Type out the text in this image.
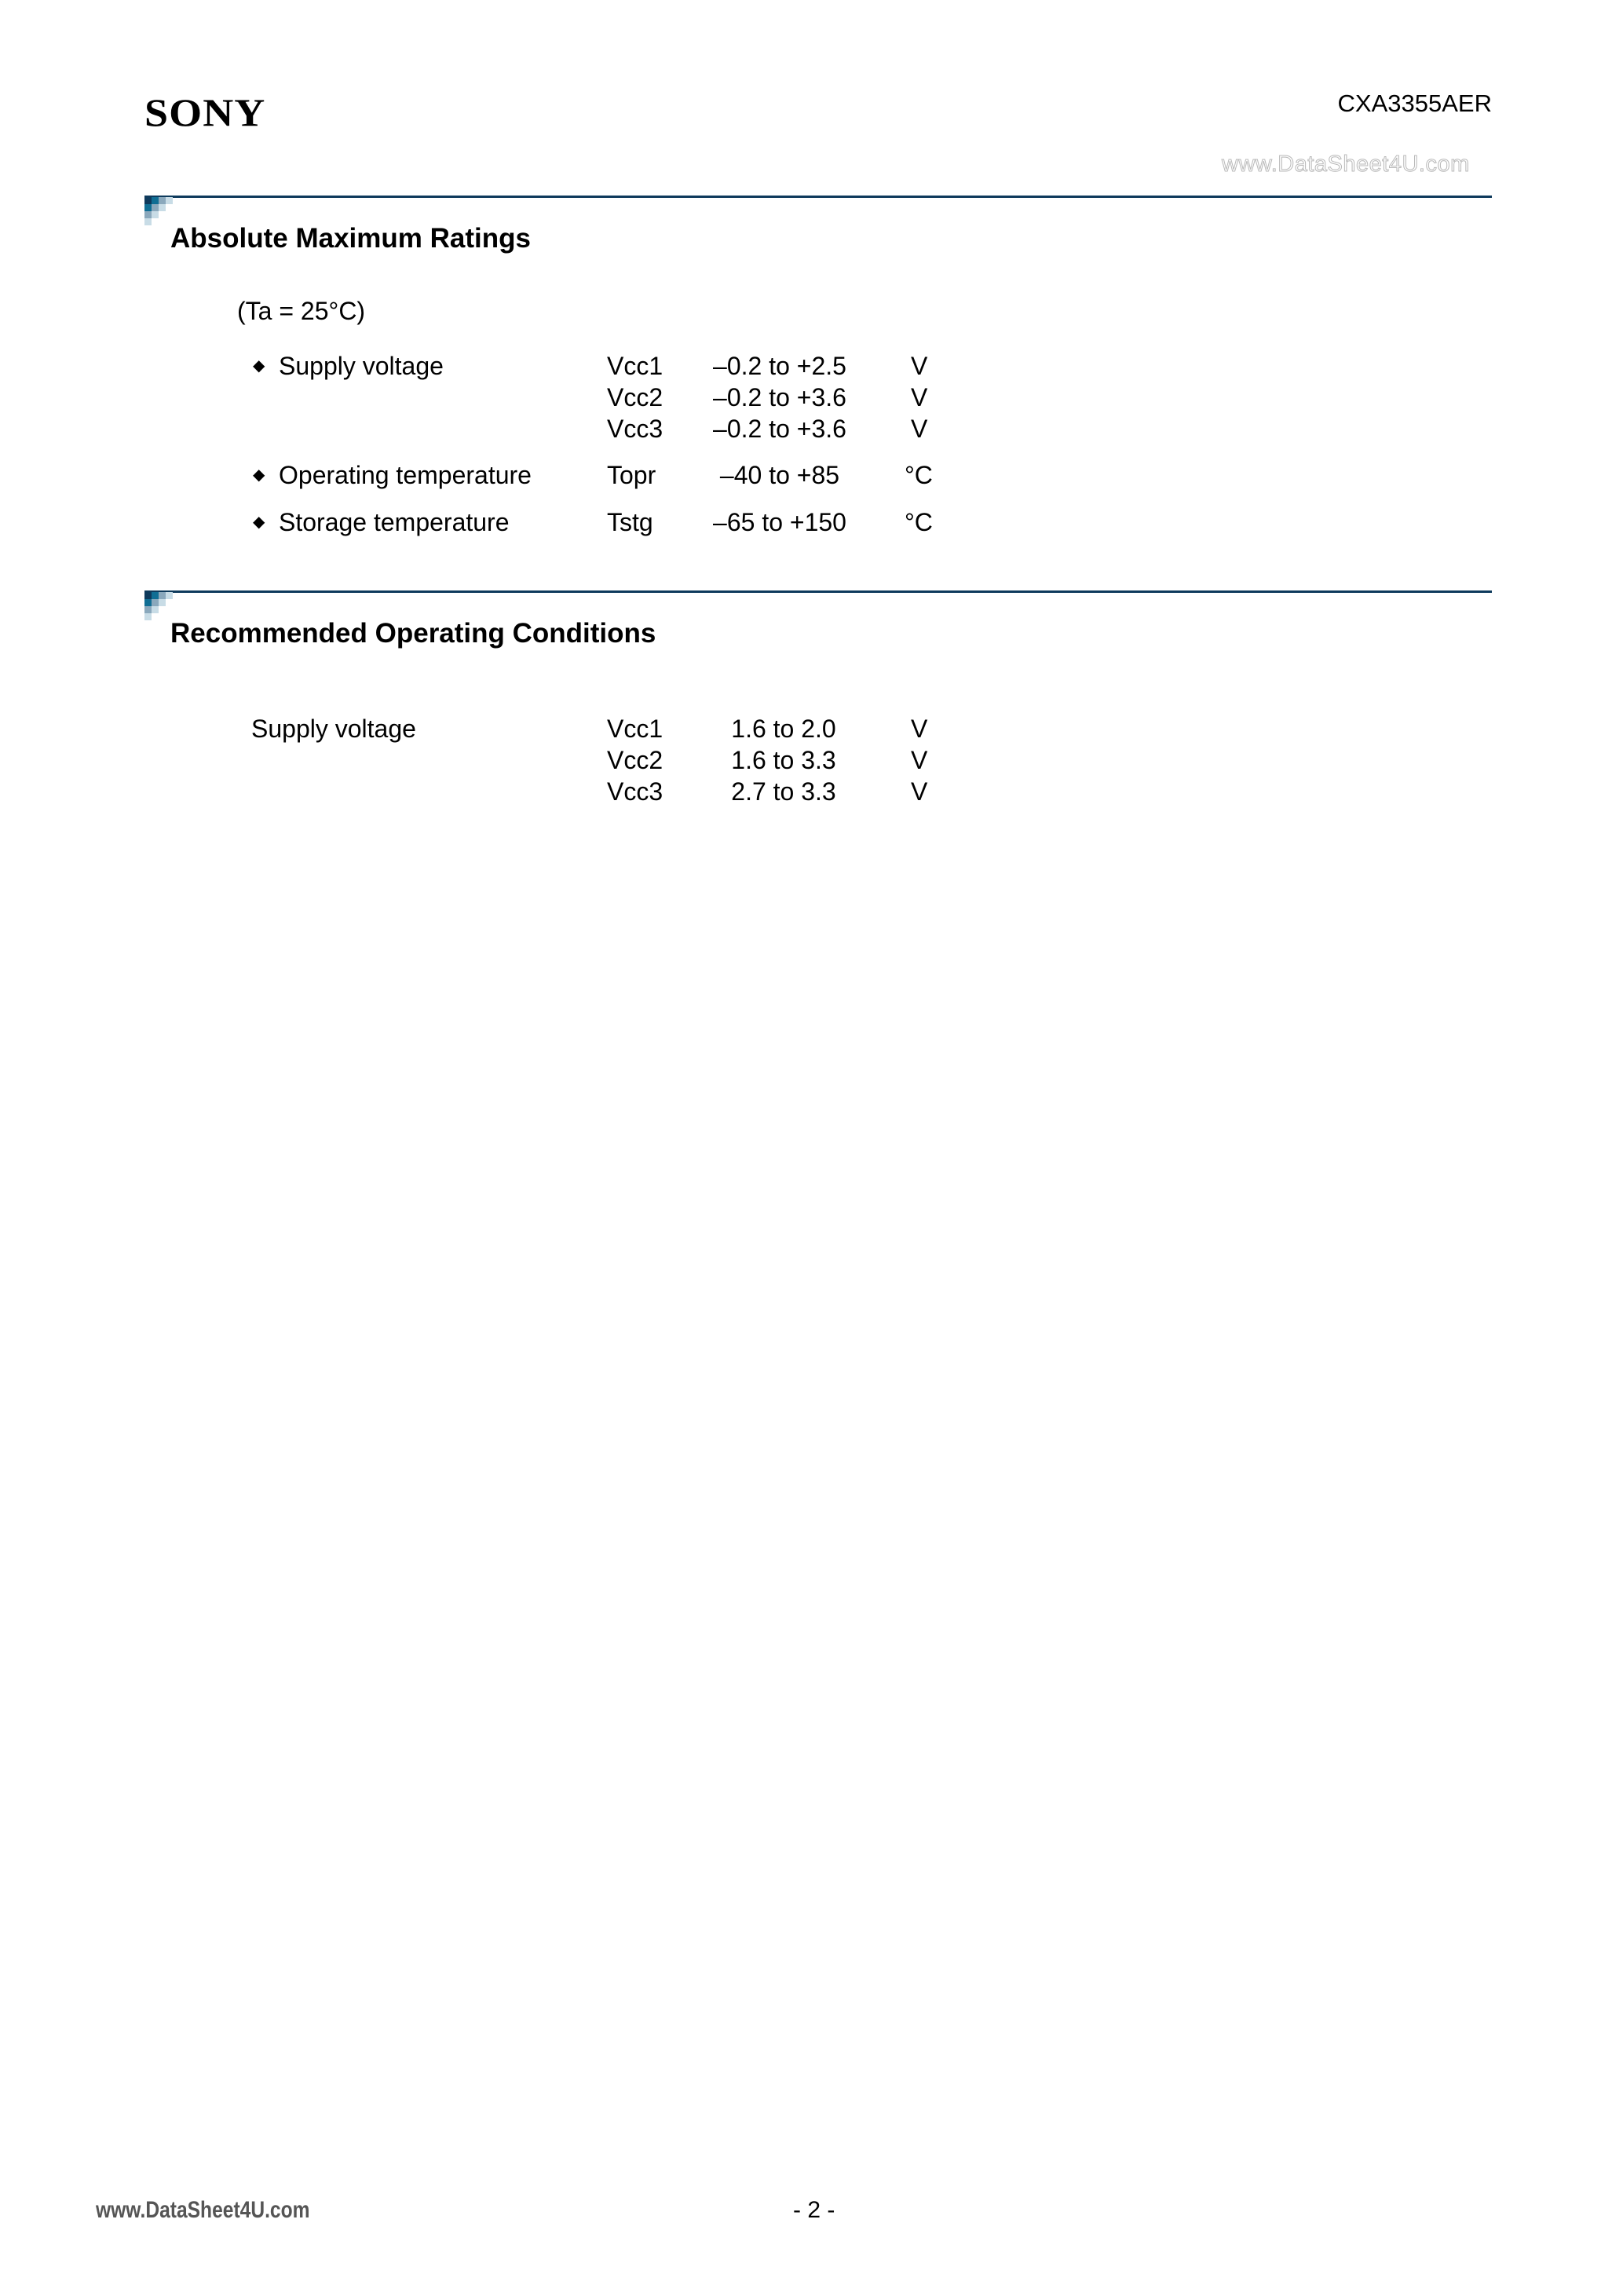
SONY	CXA3355AER
www.DataSheet4U.com
Absolute Maximum Ratings
(Ta = 25°C)
◆ Supply voltage	Vcc1 –0.2 to +2.5	V
Vcc2 –0.2 to +3.6	V
Vcc3 –0.2 to +3.6	V
◆ Operating temperature	Topr	–40 to +85	°C
◆ Storage temperature	Tstg –65 to +150 °C
Recommended Operating Conditions
Supply voltage	Vcc1	1.6 to 2.0	V
Vcc2	1.6 to 3.3	V
Vcc3	2.7 to 3.3	V
www.DataSheet4U.com	- 2 -
